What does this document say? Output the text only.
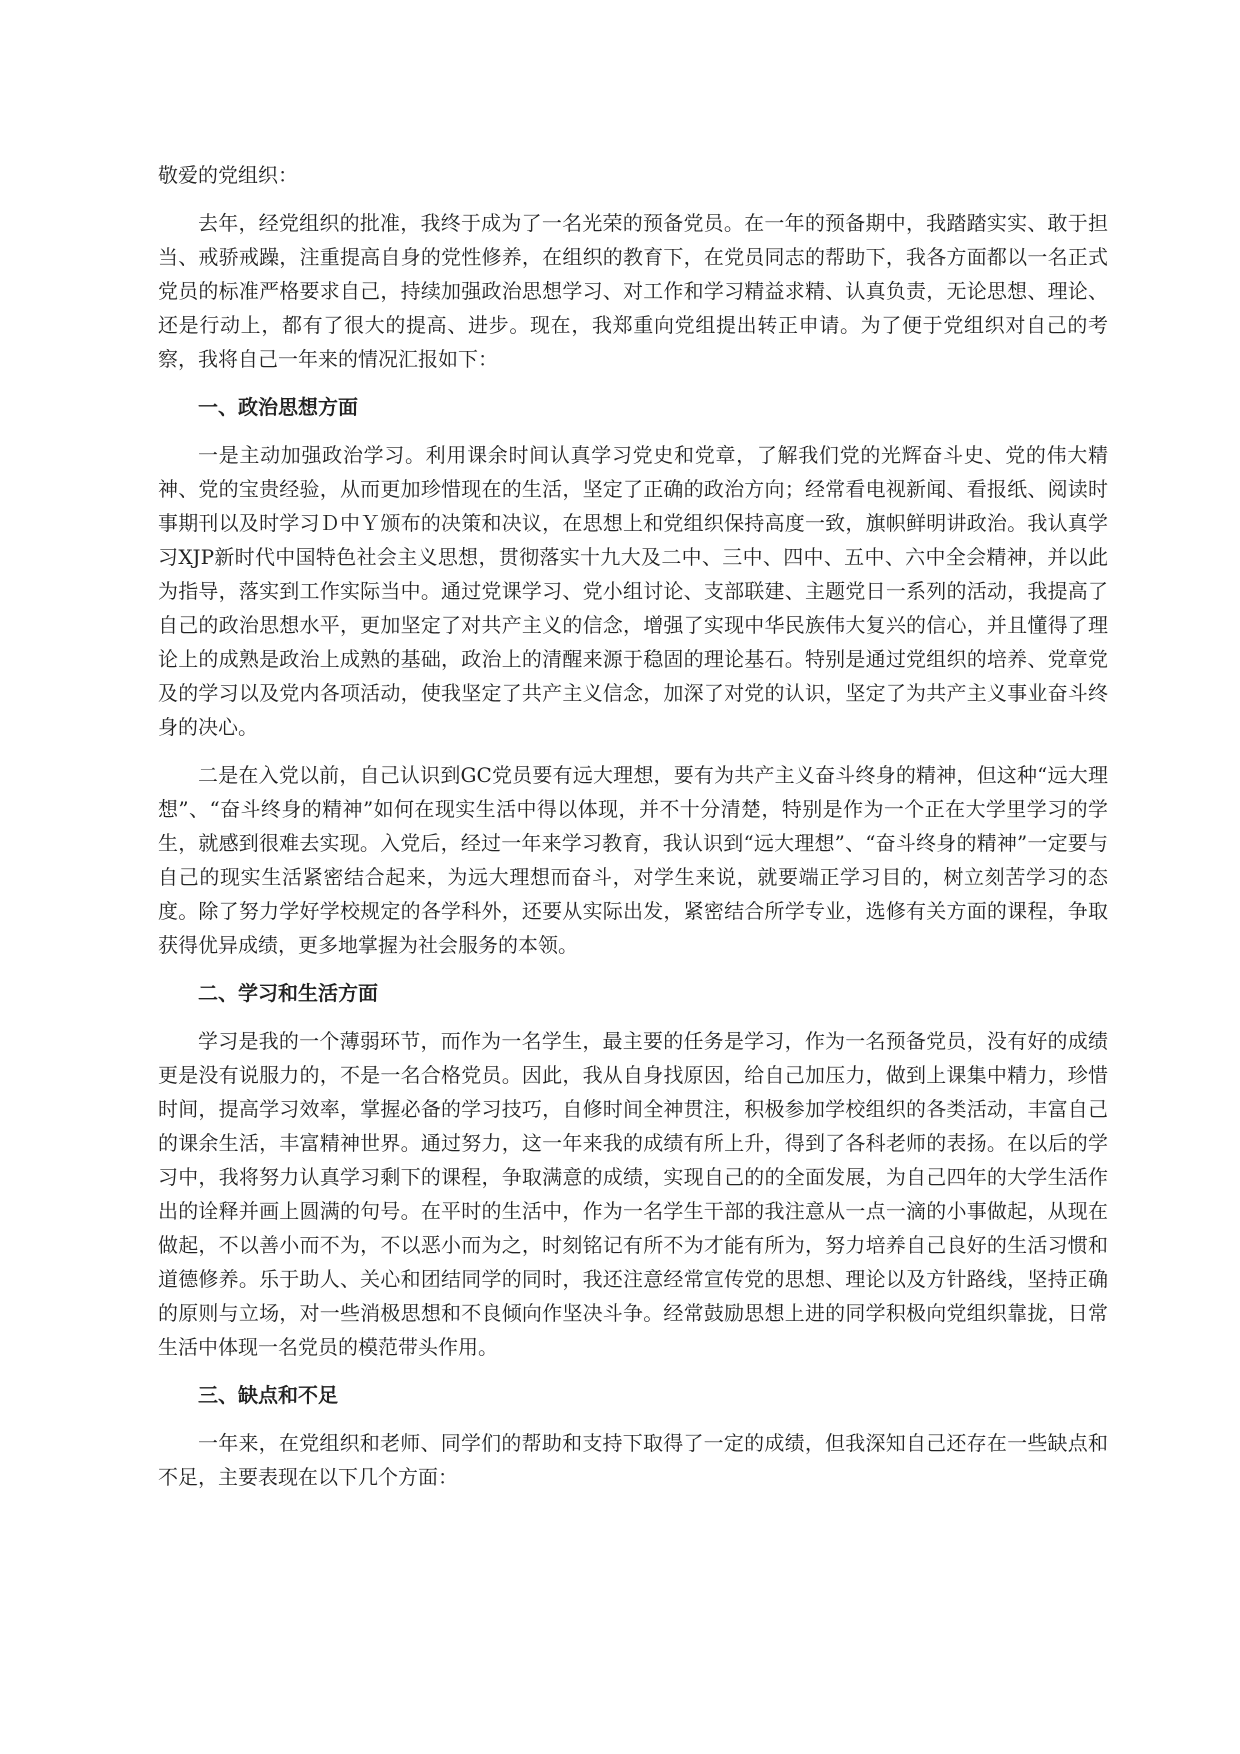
敬爱的党组织：

去年，经党组织的批准，我终于成为了一名光荣的预备党员。在一年的预备期中，我踏踏实实、敢于担当、戒骄戒躁，注重提高自身的党性修养，在组织的教育下，在党员同志的帮助下，我各方面都以一名正式党员的标准严格要求自己，持续加强政治思想学习、对工作和学习精益求精、认真负责，无论思想、理论、还是行动上，都有了很大的提高、进步。现在，我郑重向党组提出转正申请。为了便于党组织对自己的考察，我将自己一年来的情况汇报如下：

一、政治思想方面

一是主动加强政治学习。利用课余时间认真学习党史和党章，了解我们党的光辉奋斗史、党的伟大精神、党的宝贵经验，从而更加珍惜现在的生活，坚定了正确的政治方向；经常看电视新闻、看报纸、阅读时事期刊以及时学习Ｄ中Ｙ颁布的决策和决议，在思想上和党组织保持高度一致，旗帜鲜明讲政治。我认真学习XJP新时代中国特色社会主义思想，贯彻落实十九大及二中、三中、四中、五中、六中全会精神，并以此为指导，落实到工作实际当中。通过党课学习、党小组讨论、支部联建、主题党日一系列的活动，我提高了自己的政治思想水平，更加坚定了对共产主义的信念，增强了实现中华民族伟大复兴的信心，并且懂得了理论上的成熟是政治上成熟的基础，政治上的清醒来源于稳固的理论基石。特别是通过党组织的培养、党章党及的学习以及党内各项活动，使我坚定了共产主义信念，加深了对党的认识，坚定了为共产主义事业奋斗终身的决心。

二是在入党以前，自己认识到GC党员要有远大理想，要有为共产主义奋斗终身的精神，但这种“远大理想”、“奋斗终身的精神”如何在现实生活中得以体现，并不十分清楚，特别是作为一个正在大学里学习的学生，就感到很难去实现。入党后，经过一年来学习教育，我认识到“远大理想”、“奋斗终身的精神”一定要与自己的现实生活紧密结合起来，为远大理想而奋斗，对学生来说，就要端正学习目的，树立刻苦学习的态度。除了努力学好学校规定的各学科外，还要从实际出发，紧密结合所学专业，选修有关方面的课程，争取获得优异成绩，更多地掌握为社会服务的本领。

二、学习和生活方面

学习是我的一个薄弱环节，而作为一名学生，最主要的任务是学习，作为一名预备党员，没有好的成绩更是没有说服力的，不是一名合格党员。因此，我从自身找原因，给自己加压力，做到上课集中精力，珍惜时间，提高学习效率，掌握必备的学习技巧，自修时间全神贯注，积极参加学校组织的各类活动，丰富自己的课余生活，丰富精神世界。通过努力，这一年来我的成绩有所上升，得到了各科老师的表扬。在以后的学习中，我将努力认真学习剩下的课程，争取满意的成绩，实现自己的的全面发展，为自己四年的大学生活作出的诠释并画上圆满的句号。在平时的生活中，作为一名学生干部的我注意从一点一滴的小事做起，从现在做起，不以善小而不为，不以恶小而为之，时刻铭记有所不为才能有所为，努力培养自己良好的生活习惯和道德修养。乐于助人、关心和团结同学的同时，我还注意经常宣传党的思想、理论以及方针路线，坚持正确的原则与立场，对一些消极思想和不良倾向作坚决斗争。经常鼓励思想上进的同学积极向党组织靠拢，日常生活中体现一名党员的模范带头作用。

三、缺点和不足

一年来，在党组织和老师、同学们的帮助和支持下取得了一定的成绩，但我深知自己还存在一些缺点和不足，主要表现在以下几个方面：
